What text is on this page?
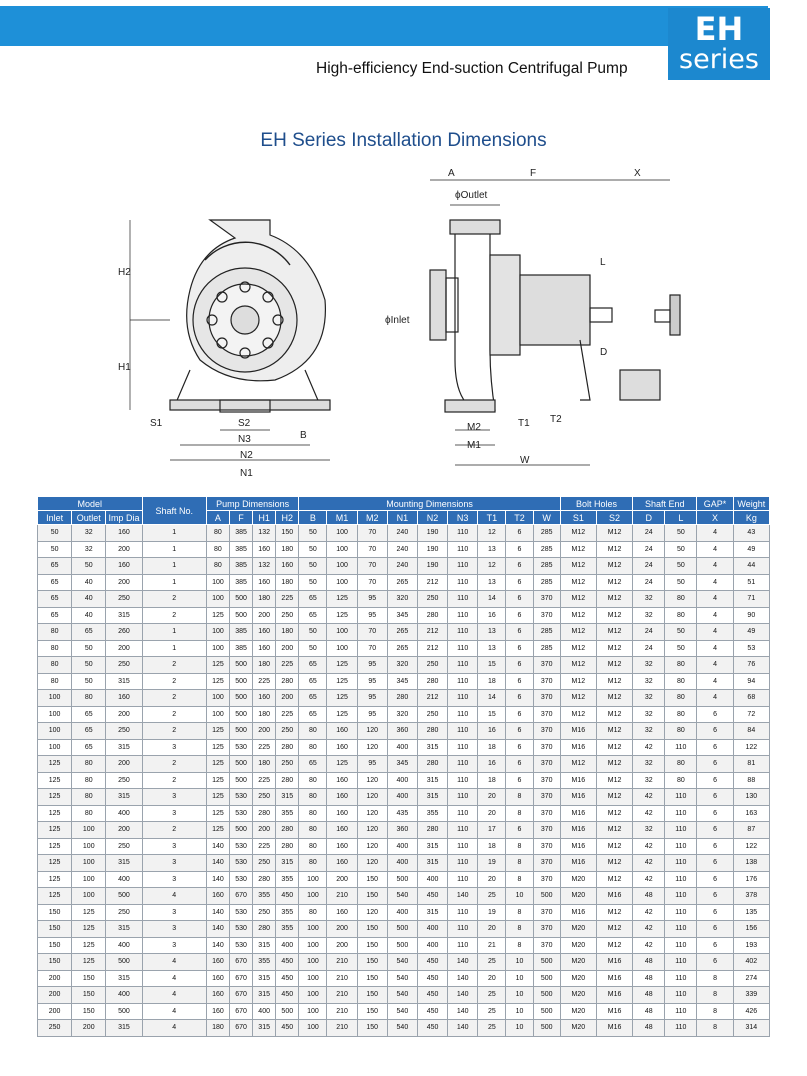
EH
series
High-efficiency End-suction Centrifugal Pump
EH Series Installation Dimensions
H2
H1
S1	S2
N3	B
N2
N1
A	F	X
ϕOutlet
ϕInlet
L
D
T1 T2
M2
M1
W
Model			Shaft No.	Pump Dimensions				Mounting Dimensions									Bolt Holes		Shaft End		GAP*	Weight
Inlet	Outlet	Imp Dia		A	F	H1	H2	B	M1	M2	N1	N2	N3	T1	T2	W	S1	S2	D	L	X	Kg
50	32	160	1	80	385	132	150	50	100	70	240	190	110	12	6	285	M12	M12	24	50	4	43
50	32	200	1	80	385	160	180	50	100	70	240	190	110	13	6	285	M12	M12	24	50	4	49
65	50	160	1	80	385	132	160	50	100	70	240	190	110	12	6	285	M12	M12	24	50	4	44
65	40	200	1	100	385	160	180	50	100	70	265	212	110	13	6	285	M12	M12	24	50	4	51
65	40	250	2	100	500	180	225	65	125	95	320	250	110	14	6	370	M12	M12	32	80	4	71
65	40	315	2	125	500	200	250	65	125	95	345	280	110	16	6	370	M12	M12	32	80	4	90
80	65	260	1	100	385	160	180	50	100	70	265	212	110	13	6	285	M12	M12	24	50	4	49
80	50	200	1	100	385	160	200	50	100	70	265	212	110	13	6	285	M12	M12	24	50	4	53
80	50	250	2	125	500	180	225	65	125	95	320	250	110	15	6	370	M12	M12	32	80	4	76
80	50	315	2	125	500	225	280	65	125	95	345	280	110	18	6	370	M12	M12	32	80	4	94
100	80	160	2	100	500	160	200	65	125	95	280	212	110	14	6	370	M12	M12	32	80	4	68
100	65	200	2	100	500	180	225	65	125	95	320	250	110	15	6	370	M12	M12	32	80	6	72
100	65	250	2	125	500	200	250	80	160	120	360	280	110	16	6	370	M16	M12	32	80	6	84
100	65	315	3	125	530	225	280	80	160	120	400	315	110	18	6	370	M16	M12	42	110	6	122
125	80	200	2	125	500	180	250	65	125	95	345	280	110	16	6	370	M12	M12	32	80	6	81
125	80	250	2	125	500	225	280	80	160	120	400	315	110	18	6	370	M16	M12	32	80	6	88
125	80	315	3	125	530	250	315	80	160	120	400	315	110	20	8	370	M16	M12	42	110	6	130
125	80	400	3	125	530	280	355	80	160	120	435	355	110	20	8	370	M16	M12	42	110	6	163
125	100	200	2	125	500	200	280	80	160	120	360	280	110	17	6	370	M16	M12	32	110	6	87
125	100	250	3	140	530	225	280	80	160	120	400	315	110	18	8	370	M16	M12	42	110	6	122
125	100	315	3	140	530	250	315	80	160	120	400	315	110	19	8	370	M16	M12	42	110	6	138
125	100	400	3	140	530	280	355	100	200	150	500	400	110	20	8	370	M20	M12	42	110	6	176
125	100	500	4	160	670	355	450	100	210	150	540	450	140	25	10	500	M20	M16	48	110	6	378
150	125	250	3	140	530	250	355	80	160	120	400	315	110	19	8	370	M16	M12	42	110	6	135
150	125	315	3	140	530	280	355	100	200	150	500	400	110	20	8	370	M20	M12	42	110	6	156
150	125	400	3	140	530	315	400	100	200	150	500	400	110	21	8	370	M20	M12	42	110	6	193
150	125	500	4	160	670	355	450	100	210	150	540	450	140	25	10	500	M20	M16	48	110	6	402
200	150	315	4	160	670	315	450	100	210	150	540	450	140	20	10	500	M20	M16	48	110	8	274
200	150	400	4	160	670	315	450	100	210	150	540	450	140	25	10	500	M20	M16	48	110	8	339
200	150	500	4	160	670	400	500	100	210	150	540	450	140	25	10	500	M20	M16	48	110	8	426
250	200	315	4	180	670	315	450	100	210	150	540	450	140	25	10	500	M20	M16	48	110	8	314
